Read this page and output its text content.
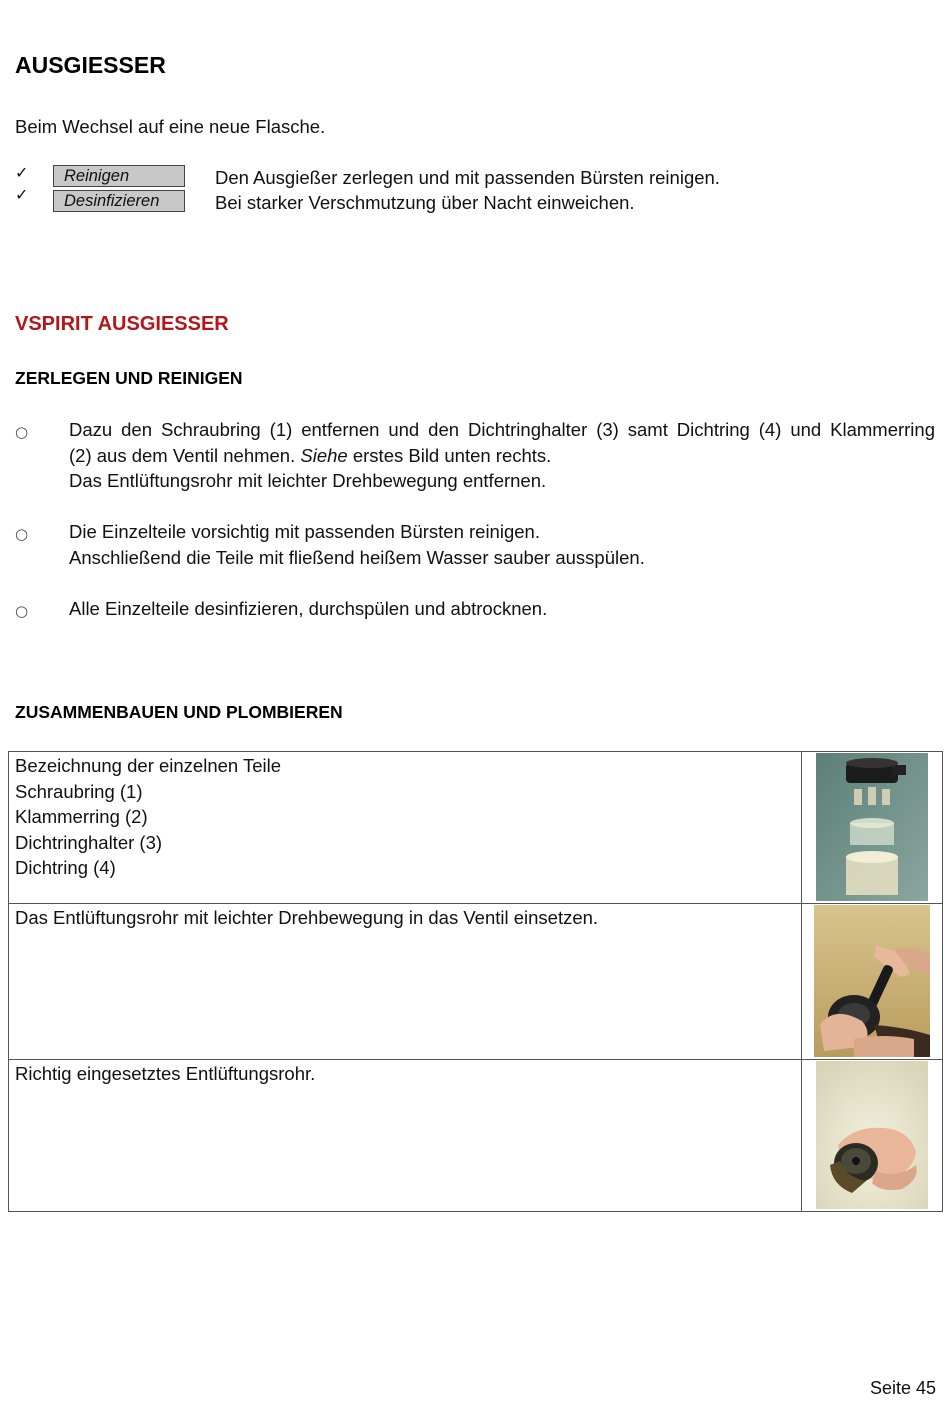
AUSGIESSER
Beim Wechsel auf eine neue Flasche.
✓
✓
Reinigen
Desinfizieren
Den Ausgießer zerlegen und mit passenden Bürsten reinigen.
Bei starker Verschmutzung über Nacht einweichen.
VSPIRIT AUSGIESSER
ZERLEGEN UND REINIGEN
○ Dazu den Schraubring (1) entfernen und den Dichtringhalter (3) samt Dichtring (4) und Klammerring
(2) aus dem Ventil nehmen. Siehe erstes Bild unten rechts.
Das Entlüftungsrohr mit leichter Drehbewegung entfernen.
○ Die Einzelteile vorsichtig mit passenden Bürsten reinigen.
Anschließend die Teile mit fließend heißem Wasser sauber ausspülen.
○ Alle Einzelteile desinfizieren, durchspülen und abtrocknen.
ZUSAMMENBAUEN UND PLOMBIEREN
Bezeichnung der einzelnen Teile
Schraubring (1)
Klammerring (2)
Dichtringhalter (3)
Dichtring (4)

Das Entlüftungsrohr mit leichter Drehbewegung in das Ventil einsetzen.

Richtig eingesetztes Entlüftungsrohr.

Seite 45
